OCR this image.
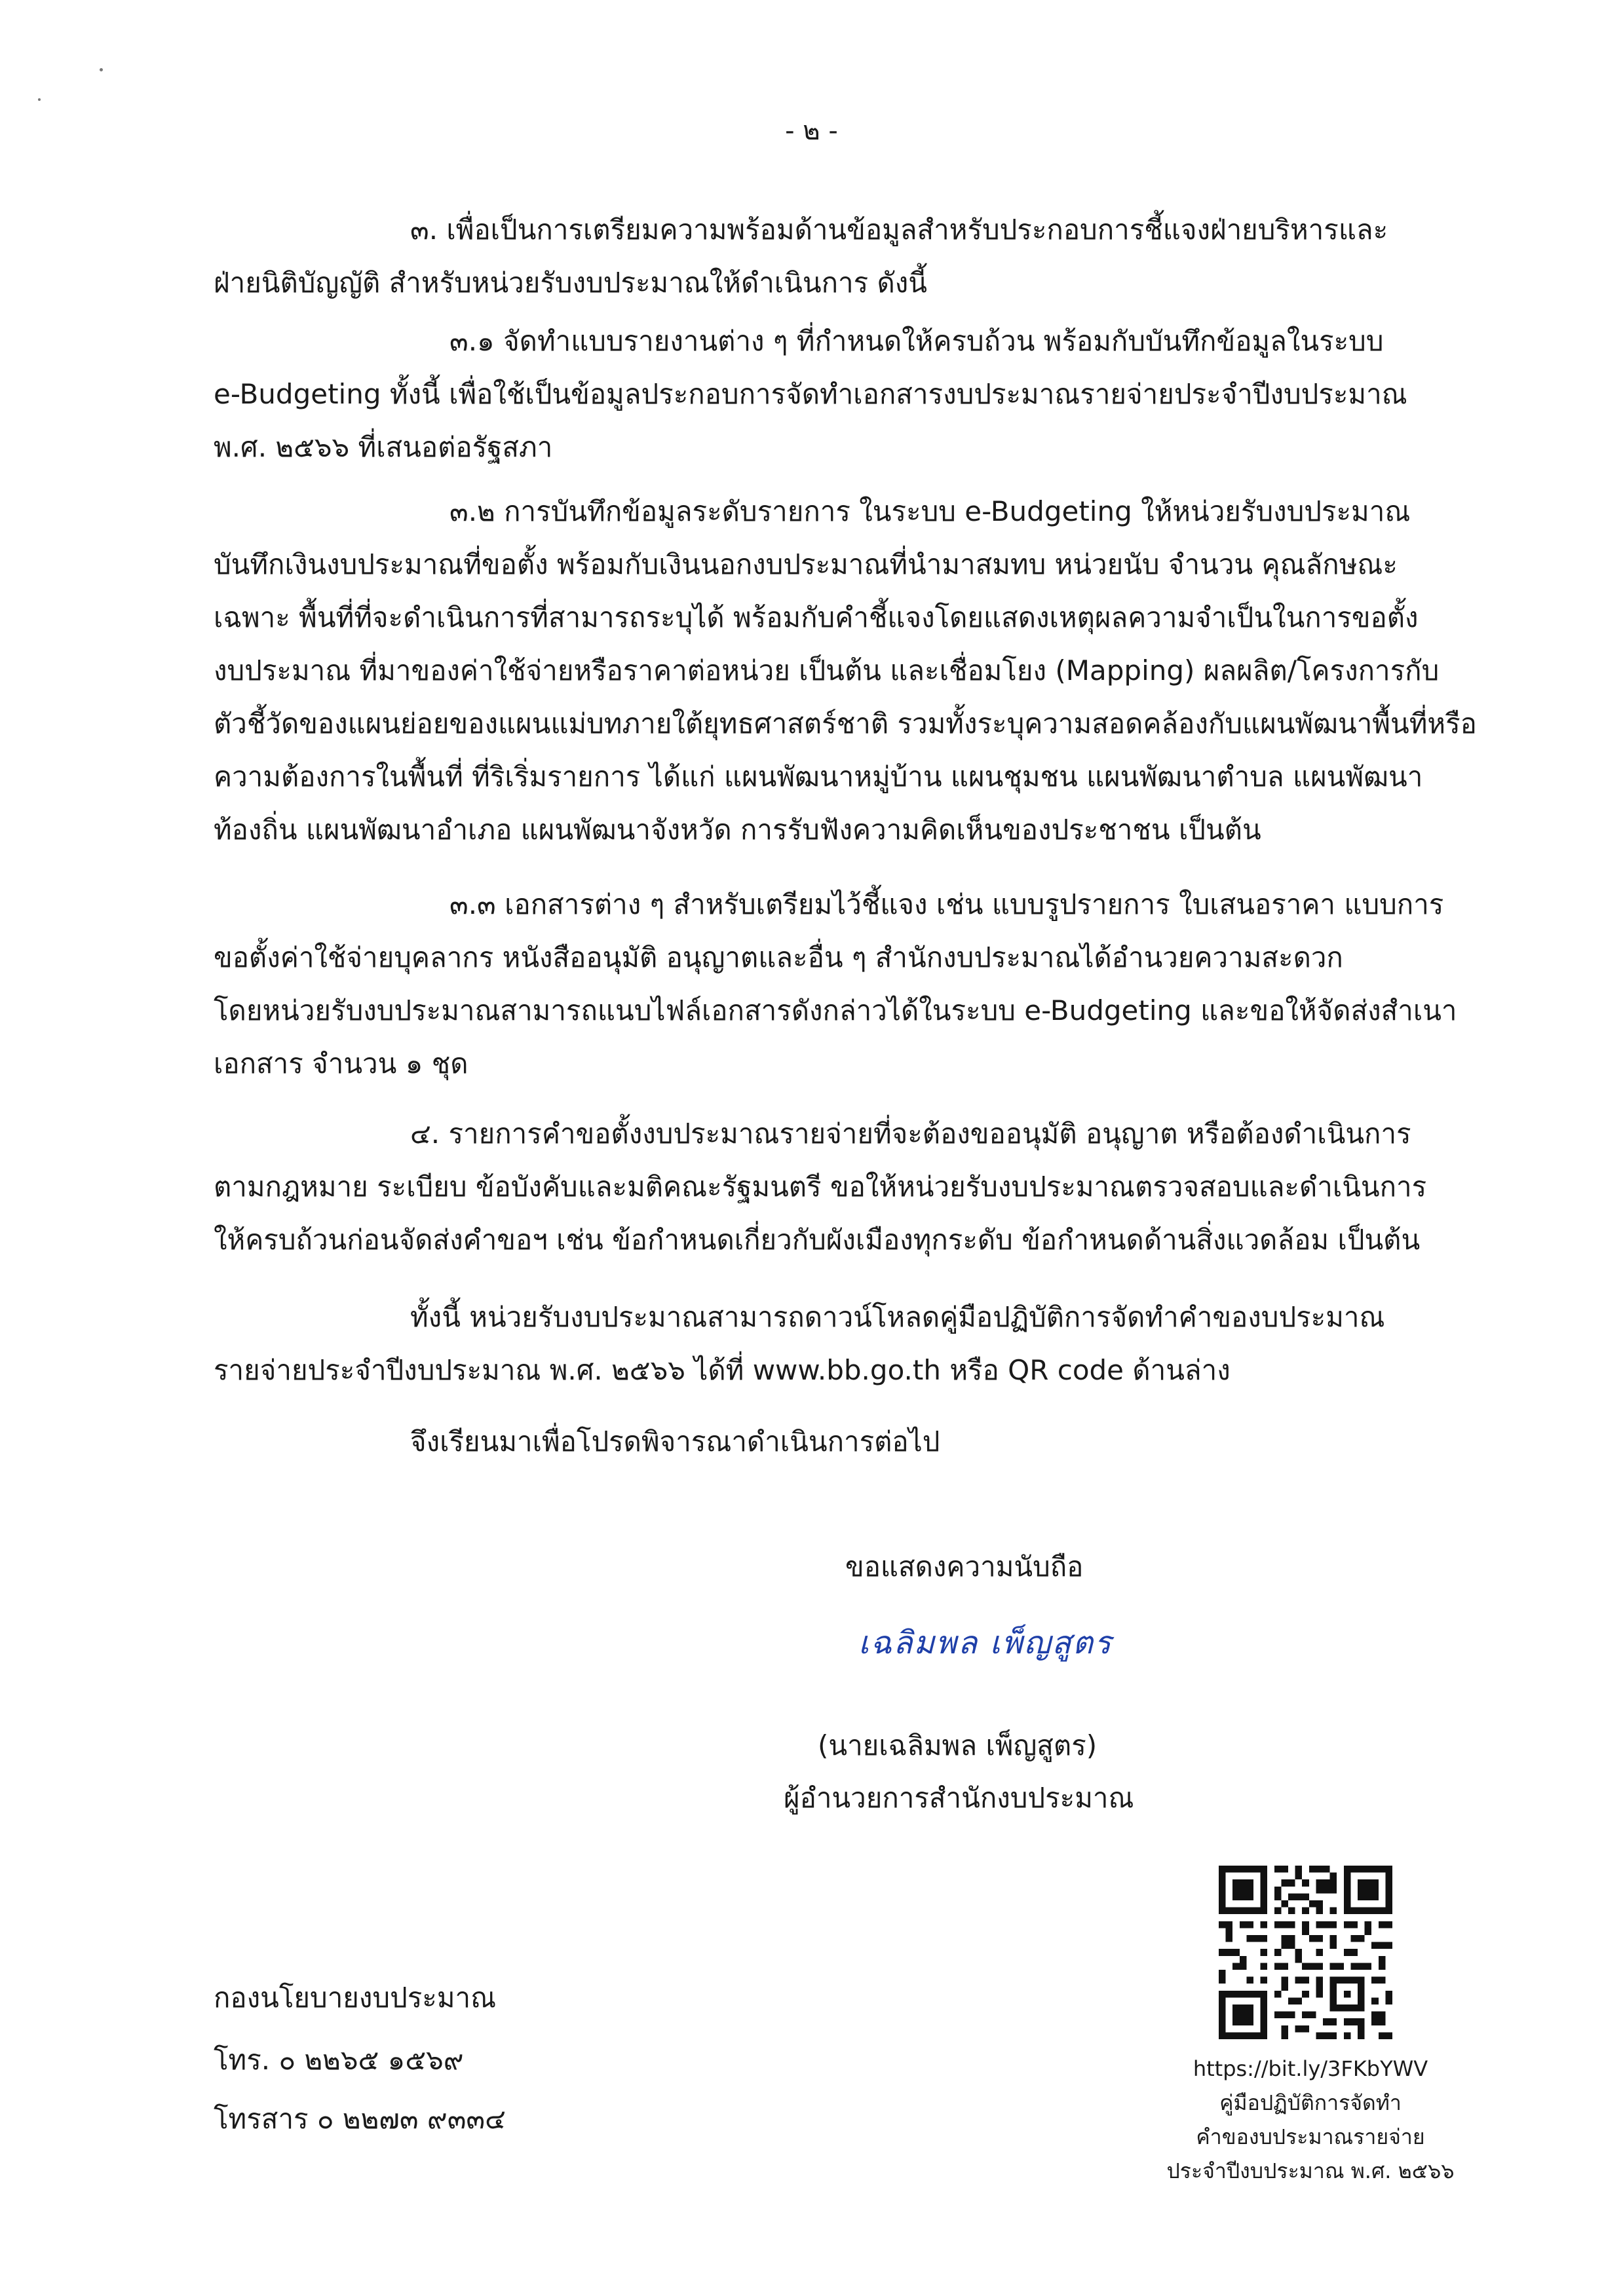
- ๒ -
๓. เพื่อเป็นการเตรียมความพร้อมด้านข้อมูลสำหรับประกอบการชี้แจงฝ่ายบริหารและ
ฝ่ายนิติบัญญัติ สำหรับหน่วยรับงบประมาณให้ดำเนินการ ดังนี้
๓.๑ จัดทำแบบรายงานต่าง ๆ ที่กำหนดให้ครบถ้วน พร้อมกับบันทึกข้อมูลในระบบ
e-Budgeting ทั้งนี้ เพื่อใช้เป็นข้อมูลประกอบการจัดทำเอกสารงบประมาณรายจ่ายประจำปีงบประมาณ
พ.ศ. ๒๕๖๖ ที่เสนอต่อรัฐสภา
๓.๒ การบันทึกข้อมูลระดับรายการ ในระบบ e-Budgeting ให้หน่วยรับงบประมาณ
บันทึกเงินงบประมาณที่ขอตั้ง พร้อมกับเงินนอกงบประมาณที่นำมาสมทบ หน่วยนับ จำนวน คุณลักษณะ
เฉพาะ พื้นที่ที่จะดำเนินการที่สามารถระบุได้ พร้อมกับคำชี้แจงโดยแสดงเหตุผลความจำเป็นในการขอตั้ง
งบประมาณ ที่มาของค่าใช้จ่ายหรือราคาต่อหน่วย เป็นต้น และเชื่อมโยง (Mapping) ผลผลิต/โครงการกับ
ตัวชี้วัดของแผนย่อยของแผนแม่บทภายใต้ยุทธศาสตร์ชาติ รวมทั้งระบุความสอดคล้องกับแผนพัฒนาพื้นที่หรือ
ความต้องการในพื้นที่ ที่ริเริ่มรายการ ได้แก่ แผนพัฒนาหมู่บ้าน แผนชุมชน แผนพัฒนาตำบล แผนพัฒนา
ท้องถิ่น แผนพัฒนาอำเภอ แผนพัฒนาจังหวัด การรับฟังความคิดเห็นของประชาชน เป็นต้น
๓.๓ เอกสารต่าง ๆ สำหรับเตรียมไว้ชี้แจง เช่น แบบรูปรายการ ใบเสนอราคา แบบการ
ขอตั้งค่าใช้จ่ายบุคลากร หนังสืออนุมัติ อนุญาตและอื่น ๆ สำนักงบประมาณได้อำนวยความสะดวก
โดยหน่วยรับงบประมาณสามารถแนบไฟล์เอกสารดังกล่าวได้ในระบบ e-Budgeting และขอให้จัดส่งสำเนา
เอกสาร จำนวน ๑ ชุด
๔. รายการคำขอตั้งงบประมาณรายจ่ายที่จะต้องขออนุมัติ อนุญาต หรือต้องดำเนินการ
ตามกฎหมาย ระเบียบ ข้อบังคับและมติคณะรัฐมนตรี ขอให้หน่วยรับงบประมาณตรวจสอบและดำเนินการ
ให้ครบถ้วนก่อนจัดส่งคำขอฯ เช่น ข้อกำหนดเกี่ยวกับผังเมืองทุกระดับ ข้อกำหนดด้านสิ่งแวดล้อม เป็นต้น
ทั้งนี้ หน่วยรับงบประมาณสามารถดาวน์โหลดคู่มือปฏิบัติการจัดทำคำของบประมาณ
รายจ่ายประจำปีงบประมาณ พ.ศ. ๒๕๖๖ ได้ที่ www.bb.go.th หรือ QR code ด้านล่าง
จึงเรียนมาเพื่อโปรดพิจารณาดำเนินการต่อไป
ขอแสดงความนับถือ
เฉลิมพล เพ็ญสูตร
(นายเฉลิมพล เพ็ญสูตร)
ผู้อำนวยการสำนักงบประมาณ
กองนโยบายงบประมาณ
โทร. ๐ ๒๒๖๕ ๑๕๖๙
โทรสาร ๐ ๒๒๗๓ ๙๓๓๔
https://bit.ly/3FKbYWV
คู่มือปฏิบัติการจัดทำ
คำของบประมาณรายจ่าย
ประจำปีงบประมาณ พ.ศ. ๒๕๖๖
